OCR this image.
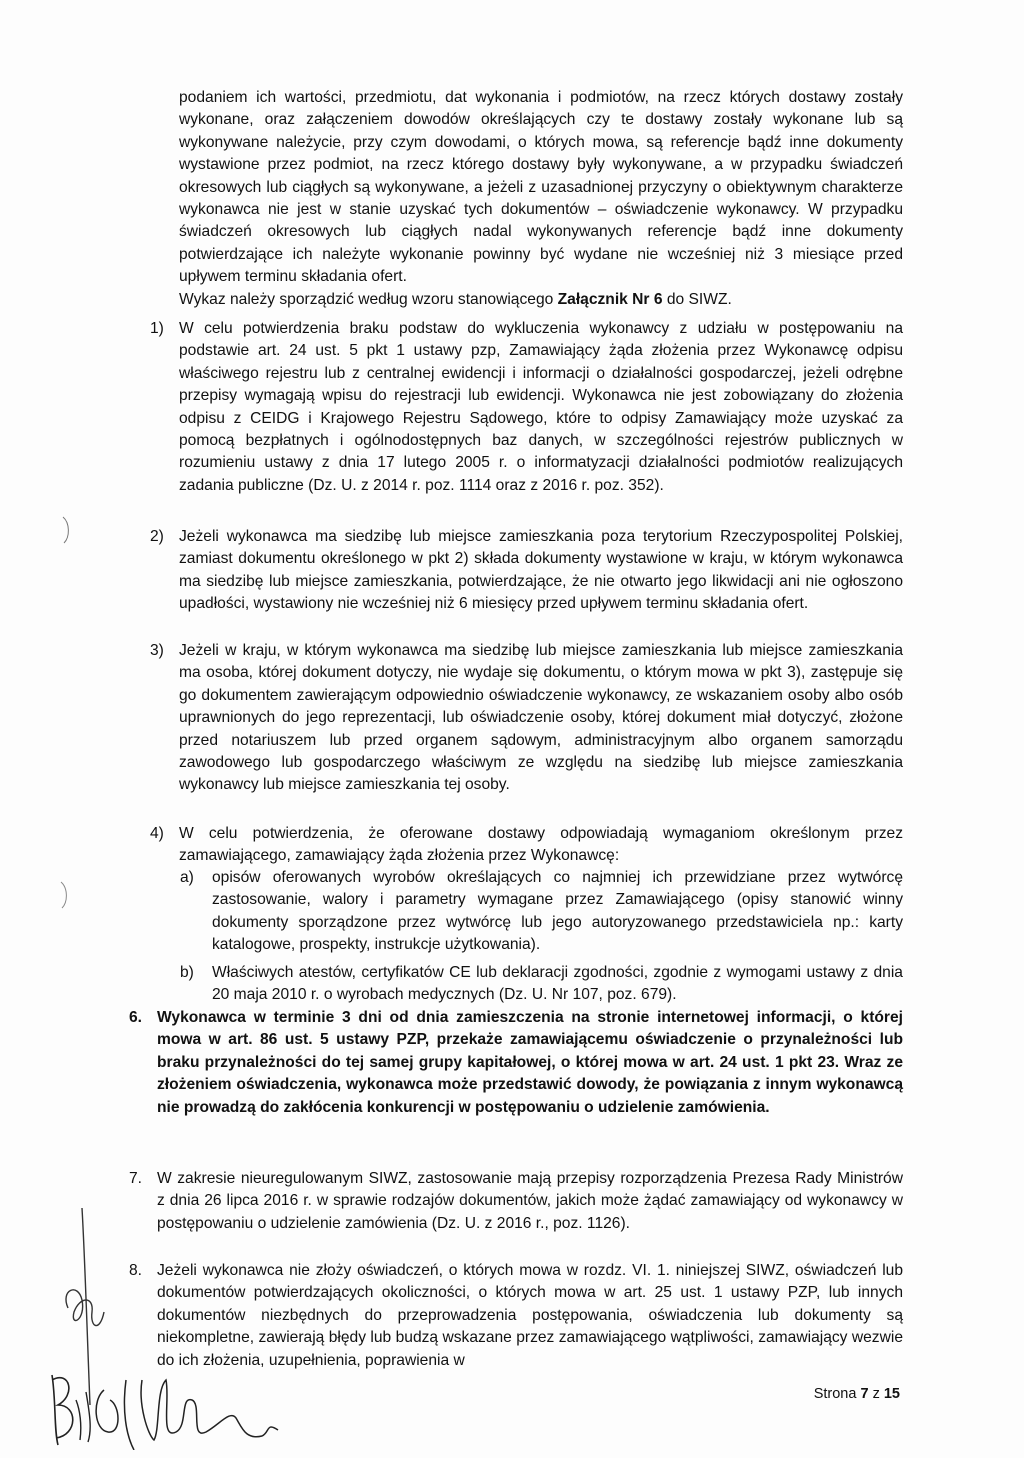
podaniem ich wartości, przedmiotu, dat wykonania i podmiotów, na rzecz których dostawy zostały wykonane, oraz załączeniem dowodów określających czy te dostawy zostały wykonane lub są wykonywane należycie, przy czym dowodami, o których mowa, są referencje bądź inne dokumenty wystawione przez podmiot, na rzecz którego dostawy były wykonywane, a w przypadku świadczeń okresowych lub ciągłych są wykonywane, a jeżeli z uzasadnionej przyczyny o obiektywnym charakterze wykonawca nie jest w stanie uzyskać tych dokumentów – oświadczenie wykonawcy. W przypadku świadczeń okresowych lub ciągłych nadal wykonywanych referencje bądź inne dokumenty potwierdzające ich należyte wykonanie powinny być wydane nie wcześniej niż 3 miesiące przed upływem terminu składania ofert.

Wykaz należy sporządzić według wzoru stanowiącego Załącznik Nr 6 do SIWZ.
1) W celu potwierdzenia braku podstaw do wykluczenia wykonawcy z udziału w postępowaniu na podstawie art. 24 ust. 5 pkt 1 ustawy pzp, Zamawiający żąda złożenia przez Wykonawcę odpisu właściwego rejestru lub z centralnej ewidencji i informacji o działalności gospodarczej, jeżeli odrębne przepisy wymagają wpisu do rejestracji lub ewidencji. Wykonawca nie jest zobowiązany do złożenia odpisu z CEIDG i Krajowego Rejestru Sądowego, które to odpisy Zamawiający może uzyskać za pomocą bezpłatnych i ogólnodostępnych baz danych, w szczególności rejestrów publicznych w rozumieniu ustawy z dnia 17 lutego 2005 r. o informatyzacji działalności podmiotów realizujących zadania publiczne (Dz. U. z 2014 r. poz. 1114 oraz z 2016 r. poz. 352).

2) Jeżeli wykonawca ma siedzibę lub miejsce zamieszkania poza terytorium Rzeczypospolitej Polskiej, zamiast dokumentu określonego w pkt 2) składa dokumenty wystawione w kraju, w którym wykonawca ma siedzibę lub miejsce zamieszkania, potwierdzające, że nie otwarto jego likwidacji ani nie ogłoszono upadłości, wystawiony nie wcześniej niż 6 miesięcy przed upływem terminu składania ofert.

3) Jeżeli w kraju, w którym wykonawca ma siedzibę lub miejsce zamieszkania lub miejsce zamieszkania ma osoba, której dokument dotyczy, nie wydaje się dokumentu, o którym mowa w pkt 3), zastępuje się go dokumentem zawierającym odpowiednio oświadczenie wykonawcy, ze wskazaniem osoby albo osób uprawnionych do jego reprezentacji, lub oświadczenie osoby, której dokument miał dotyczyć, złożone przed notariuszem lub przed organem sądowym, administracyjnym albo organem samorządu zawodowego lub gospodarczego właściwym ze względu na siedzibę lub miejsce zamieszkania wykonawcy lub miejsce zamieszkania tej osoby.

4) W celu potwierdzenia, że oferowane dostawy odpowiadają wymaganiom określonym przez zamawiającego, zamawiający żąda złożenia przez Wykonawcę:

a)	opisów oferowanych wyrobów określających co najmniej ich przewidziane przez wytwórcę zastosowanie, walory i parametry wymagane przez Zamawiającego (opisy stanowić winny dokumenty sporządzone przez wytwórcę lub jego autoryzowanego przedstawiciela np.: karty katalogowe, prospekty, instrukcje użytkowania).

b)	Właściwych atestów, certyfikatów CE lub deklaracji zgodności, zgodnie z wymogami ustawy z dnia 20 maja 2010 r. o wyrobach medycznych (Dz. U. Nr 107, poz. 679).

6. Wykonawca w terminie 3 dni od dnia zamieszczenia na stronie internetowej informacji, o której mowa w art. 86 ust. 5 ustawy PZP, przekaże zamawiającemu oświadczenie o przynależności lub braku przynależności do tej samej grupy kapitałowej, o której mowa w art. 24 ust. 1 pkt 23. Wraz ze złożeniem oświadczenia, wykonawca może przedstawić dowody, że powiązania z innym wykonawcą nie prowadzą do zakłócenia konkurencji w postępowaniu o udzielenie zamówienia.

7. W zakresie nieuregulowanym SIWZ, zastosowanie mają przepisy rozporządzenia Prezesa Rady Ministrów z dnia 26 lipca 2016 r. w sprawie rodzajów dokumentów, jakich może żądać zamawiający od wykonawcy w postępowaniu o udzielenie zamówienia (Dz. U. z 2016 r., poz. 1126).

8. Jeżeli wykonawca nie złoży oświadczeń, o których mowa w rozdz. VI. 1. niniejszej SIWZ, oświadczeń lub dokumentów potwierdzających okoliczności, o których mowa w art. 25 ust. 1 ustawy PZP, lub innych dokumentów niezbędnych do przeprowadzenia postępowania, oświadczenia lub dokumenty są niekompletne, zawierają błędy lub budzą wskazane przez zamawiającego wątpliwości, zamawiający wezwie do ich złożenia, uzupełnienia, poprawienia w

Strona 7 z 15
